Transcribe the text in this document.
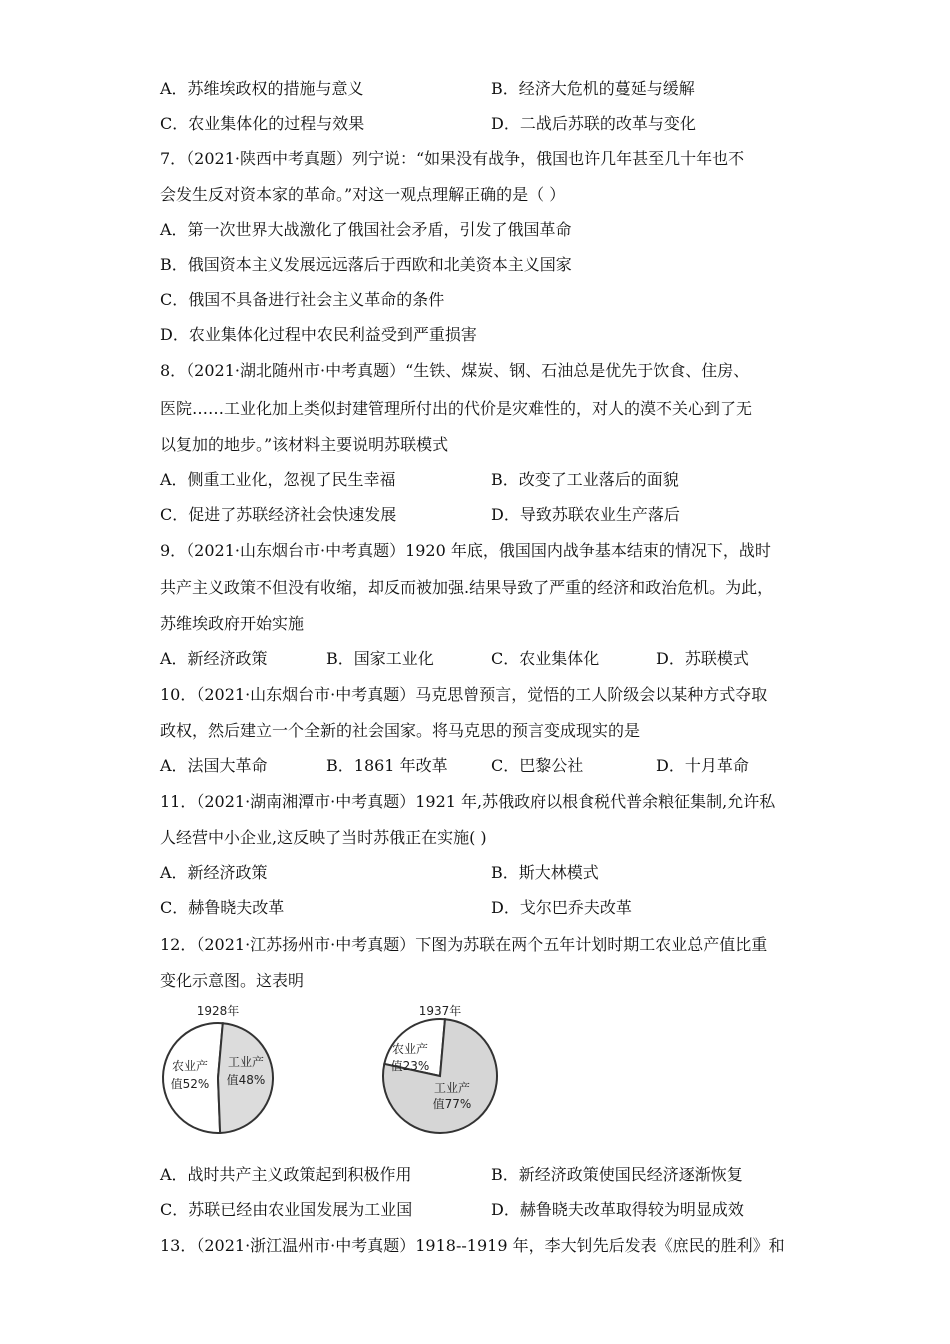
A．苏维埃政权的措施与意义	B．经济大危机的蔓延与缓解
C．农业集体化的过程与效果	D．二战后苏联的改革与变化
7．（2021·陕西中考真题）列宁说：“如果没有战争，俄国也许几年甚至几十年也不
会发生反对资本家的革命。”对这一观点理解正确的是（ ）
A．第一次世界大战激化了俄国社会矛盾，引发了俄国革命
B．俄国资本主义发展远远落后于西欧和北美资本主义国家
C．俄国不具备进行社会主义革命的条件
D．农业集体化过程中农民利益受到严重损害
8．（2021·湖北随州市·中考真题）“生铁、煤炭、钢、石油总是优先于饮食、住房、
医院……工业化加上类似封建管理所付出的代价是灾难性的，对人的漠不关心到了无
以复加的地步。”该材料主要说明苏联模式
A．侧重工业化，忽视了民生幸福	B．改变了工业落后的面貌
C．促进了苏联经济社会快速发展	D．导致苏联农业生产落后
9．（2021·山东烟台市·中考真题）1920 年底，俄国国内战争基本结束的情况下，战时
共产主义政策不但没有收缩，却反而被加强.结果导致了严重的经济和政治危机。为此，
苏维埃政府开始实施
A．新经济政策	B．国家工业化	C．农业集体化	D．苏联模式
10．（2021·山东烟台市·中考真题）马克思曾预言，觉悟的工人阶级会以某种方式夺取
政权，然后建立一个全新的社会国家。将马克思的预言变成现实的是
A．法国大革命	B．1861 年改革	C．巴黎公社	D．十月革命
11．（2021·湖南湘潭市·中考真题）1921 年,苏俄政府以根食税代普余粮征集制,允许私
人经营中小企业,这反映了当时苏俄正在实施( )
A．新经济政策	B．斯大林模式
C．赫鲁晓夫改革	D．戈尔巴乔夫改革
12．（2021·江苏扬州市·中考真题）下图为苏联在两个五年计划时期工农业总产值比重
变化示意图。这表明
1928年
农业产
值52%
工业产
值48%
1937年
农业产
值23%
工业产
值77%
A．战时共产主义政策起到积极作用	B．新经济政策使国民经济逐渐恢复
C．苏联已经由农业国发展为工业国	D．赫鲁晓夫改革取得较为明显成效
13．（2021·浙江温州市·中考真题）1918--1919 年，李大钊先后发表《庶民的胜利》和
